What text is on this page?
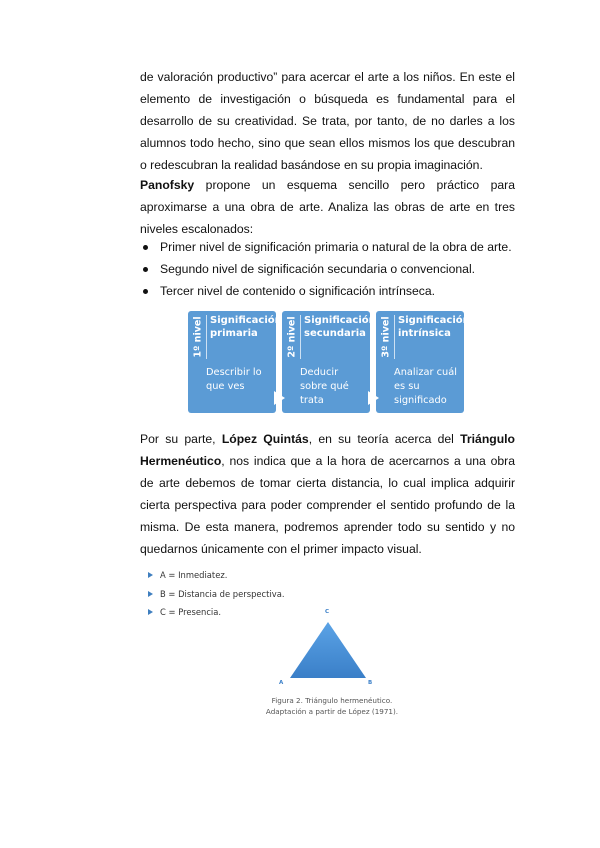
de valoración productivo” para acercar el arte a los niños. En este el elemento de investigación o búsqueda es fundamental para el desarrollo de su creatividad. Se trata, por tanto, de no darles a los alumnos todo hecho, sino que sean ellos mismos los que descubran o redescubran la realidad basándose en su propia imaginación.

Panofsky propone un esquema sencillo pero práctico para aproximarse a una obra de arte. Analiza las obras de arte en tres niveles escalonados:

Primer nivel de significación primaria o natural de la obra de arte.
Segundo nivel de significación secundaria o convencional.
Tercer nivel de contenido o significación intrínseca.
1º nivel Significación primaria
Describir lo que ves
2º nivel Significación secundaria
Deducir sobre qué trata
3º nivel Significación intrínsica
Analizar cuál es su significado

Por su parte, López Quintás, en su teoría acerca del Triángulo Hermenéutico, nos indica que a la hora de acercarnos a una obra de arte debemos de tomar cierta distancia, lo cual implica adquirir cierta perspectiva para poder comprender el sentido profundo de la misma. De esta manera, podremos aprender todo su sentido y no quedarnos únicamente con el primer impacto visual.

A = Inmediatez.
B = Distancia de perspectiva.
C = Presencia.	C
A	B
Figura 2. Triángulo hermenéutico.
Adaptación a partir de López (1971).
